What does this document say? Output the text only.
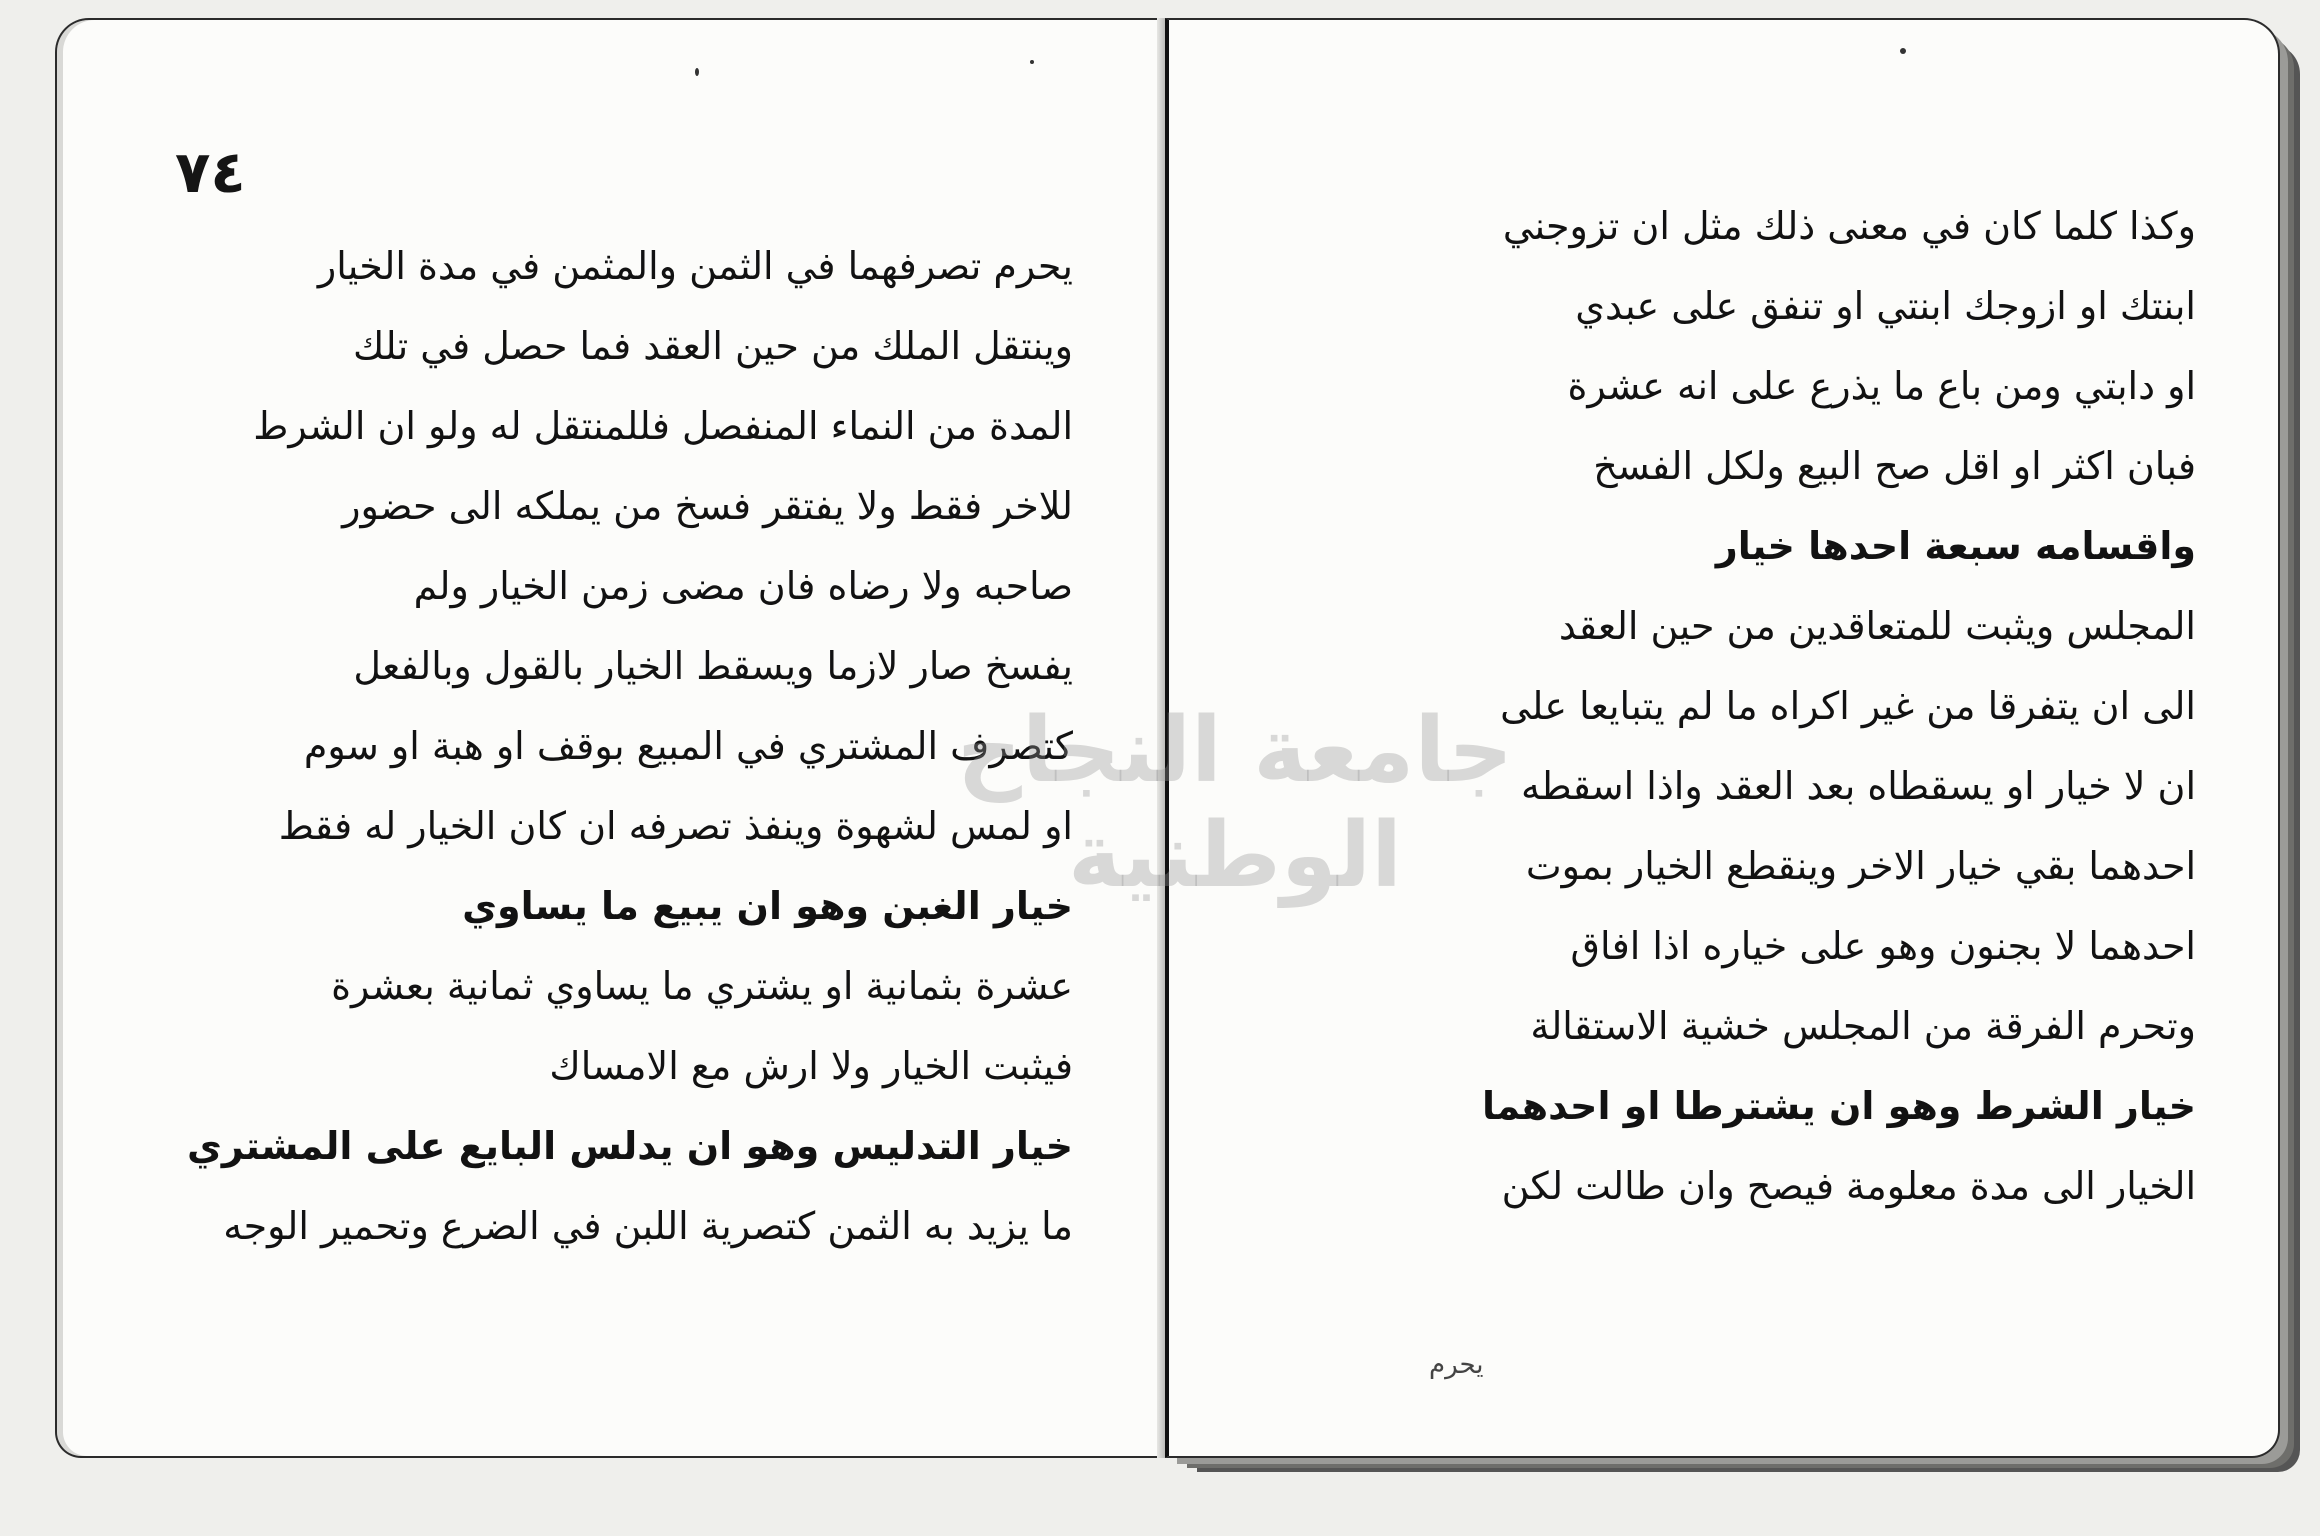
٧٤
يحرم تصرفهما في الثمن والمثمن في مدة الخيار
وينتقل الملك من حين العقد فما حصل في تلك
المدة من النماء المنفصل فللمنتقل له ولو ان الشرط
للاخر فقط ولا يفتقر فسخ من يملكه الى حضور
صاحبه ولا رضاه فان مضى زمن الخيار ولم
يفسخ صار لازما ويسقط الخيار بالقول وبالفعل
كتصرف المشتري في المبيع بوقف او هبة او سوم
او لمس لشهوة وينفذ تصرفه ان كان الخيار له فقط
خيار الغبن وهو ان يبيع ما يساوي
عشرة بثمانية او يشتري ما يساوي ثمانية بعشرة
فيثبت الخيار ولا ارش مع الامساك
خيار التدليس وهو ان يدلس البايع على المشتري
ما يزيد به الثمن كتصرية اللبن في الضرع وتحمير الوجه
وكذا كلما كان في معنى ذلك مثل ان تزوجني
ابنتك او ازوجك ابنتي او تنفق على عبدي
او دابتي ومن باع ما يذرع على انه عشرة
فبان اكثر او اقل صح البيع ولكل الفسخ
واقسامه سبعة احدها خيار
المجلس ويثبت للمتعاقدين من حين العقد
الى ان يتفرقا من غير اكراه ما لم يتبايعا على
ان لا خيار او يسقطاه بعد العقد واذا اسقطه
احدهما بقي خيار الاخر وينقطع الخيار بموت
احدهما لا بجنون وهو على خياره اذا افاق
وتحرم الفرقة من المجلس خشية الاستقالة
خيار الشرط وهو ان يشترطا او احدهما
الخيار الى مدة معلومة فيصح وان طالت لكن
يحرم
جامعة النجاح الوطنية
